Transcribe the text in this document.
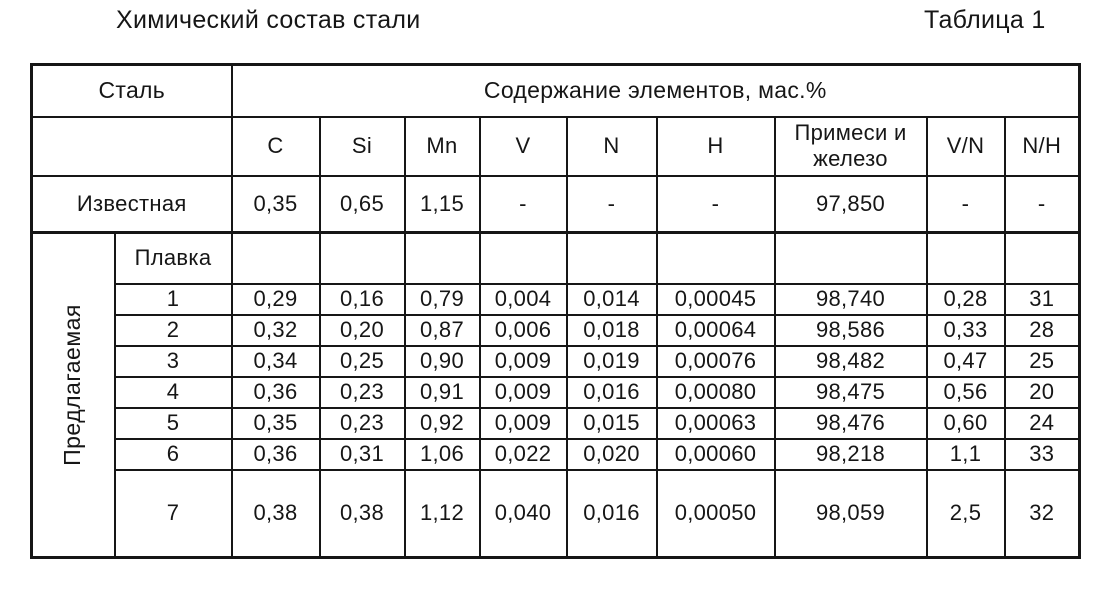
Химический состав стали	Таблица 1
Сталь		Содержание элементов, мас.%								
		C	Si	Mn	V	N	H	Примеси и железо	V/N	N/H
Известная		0,35	0,65	1,15	-	-	-	97,850	-	-

Предлагаемая	Плавка									
	1	0,29	0,16	0,79	0,004	0,014	0,00045	98,740	0,28	31
	2	0,32	0,20	0,87	0,006	0,018	0,00064	98,586	0,33	28
	3	0,34	0,25	0,90	0,009	0,019	0,00076	98,482	0,47	25
	4	0,36	0,23	0,91	0,009	0,016	0,00080	98,475	0,56	20
	5	0,35	0,23	0,92	0,009	0,015	0,00063	98,476	0,60	24
	6	0,36	0,31	1,06	0,022	0,020	0,00060	98,218	1,1	33
	7	0,38	0,38	1,12	0,040	0,016	0,00050	98,059	2,5	32
